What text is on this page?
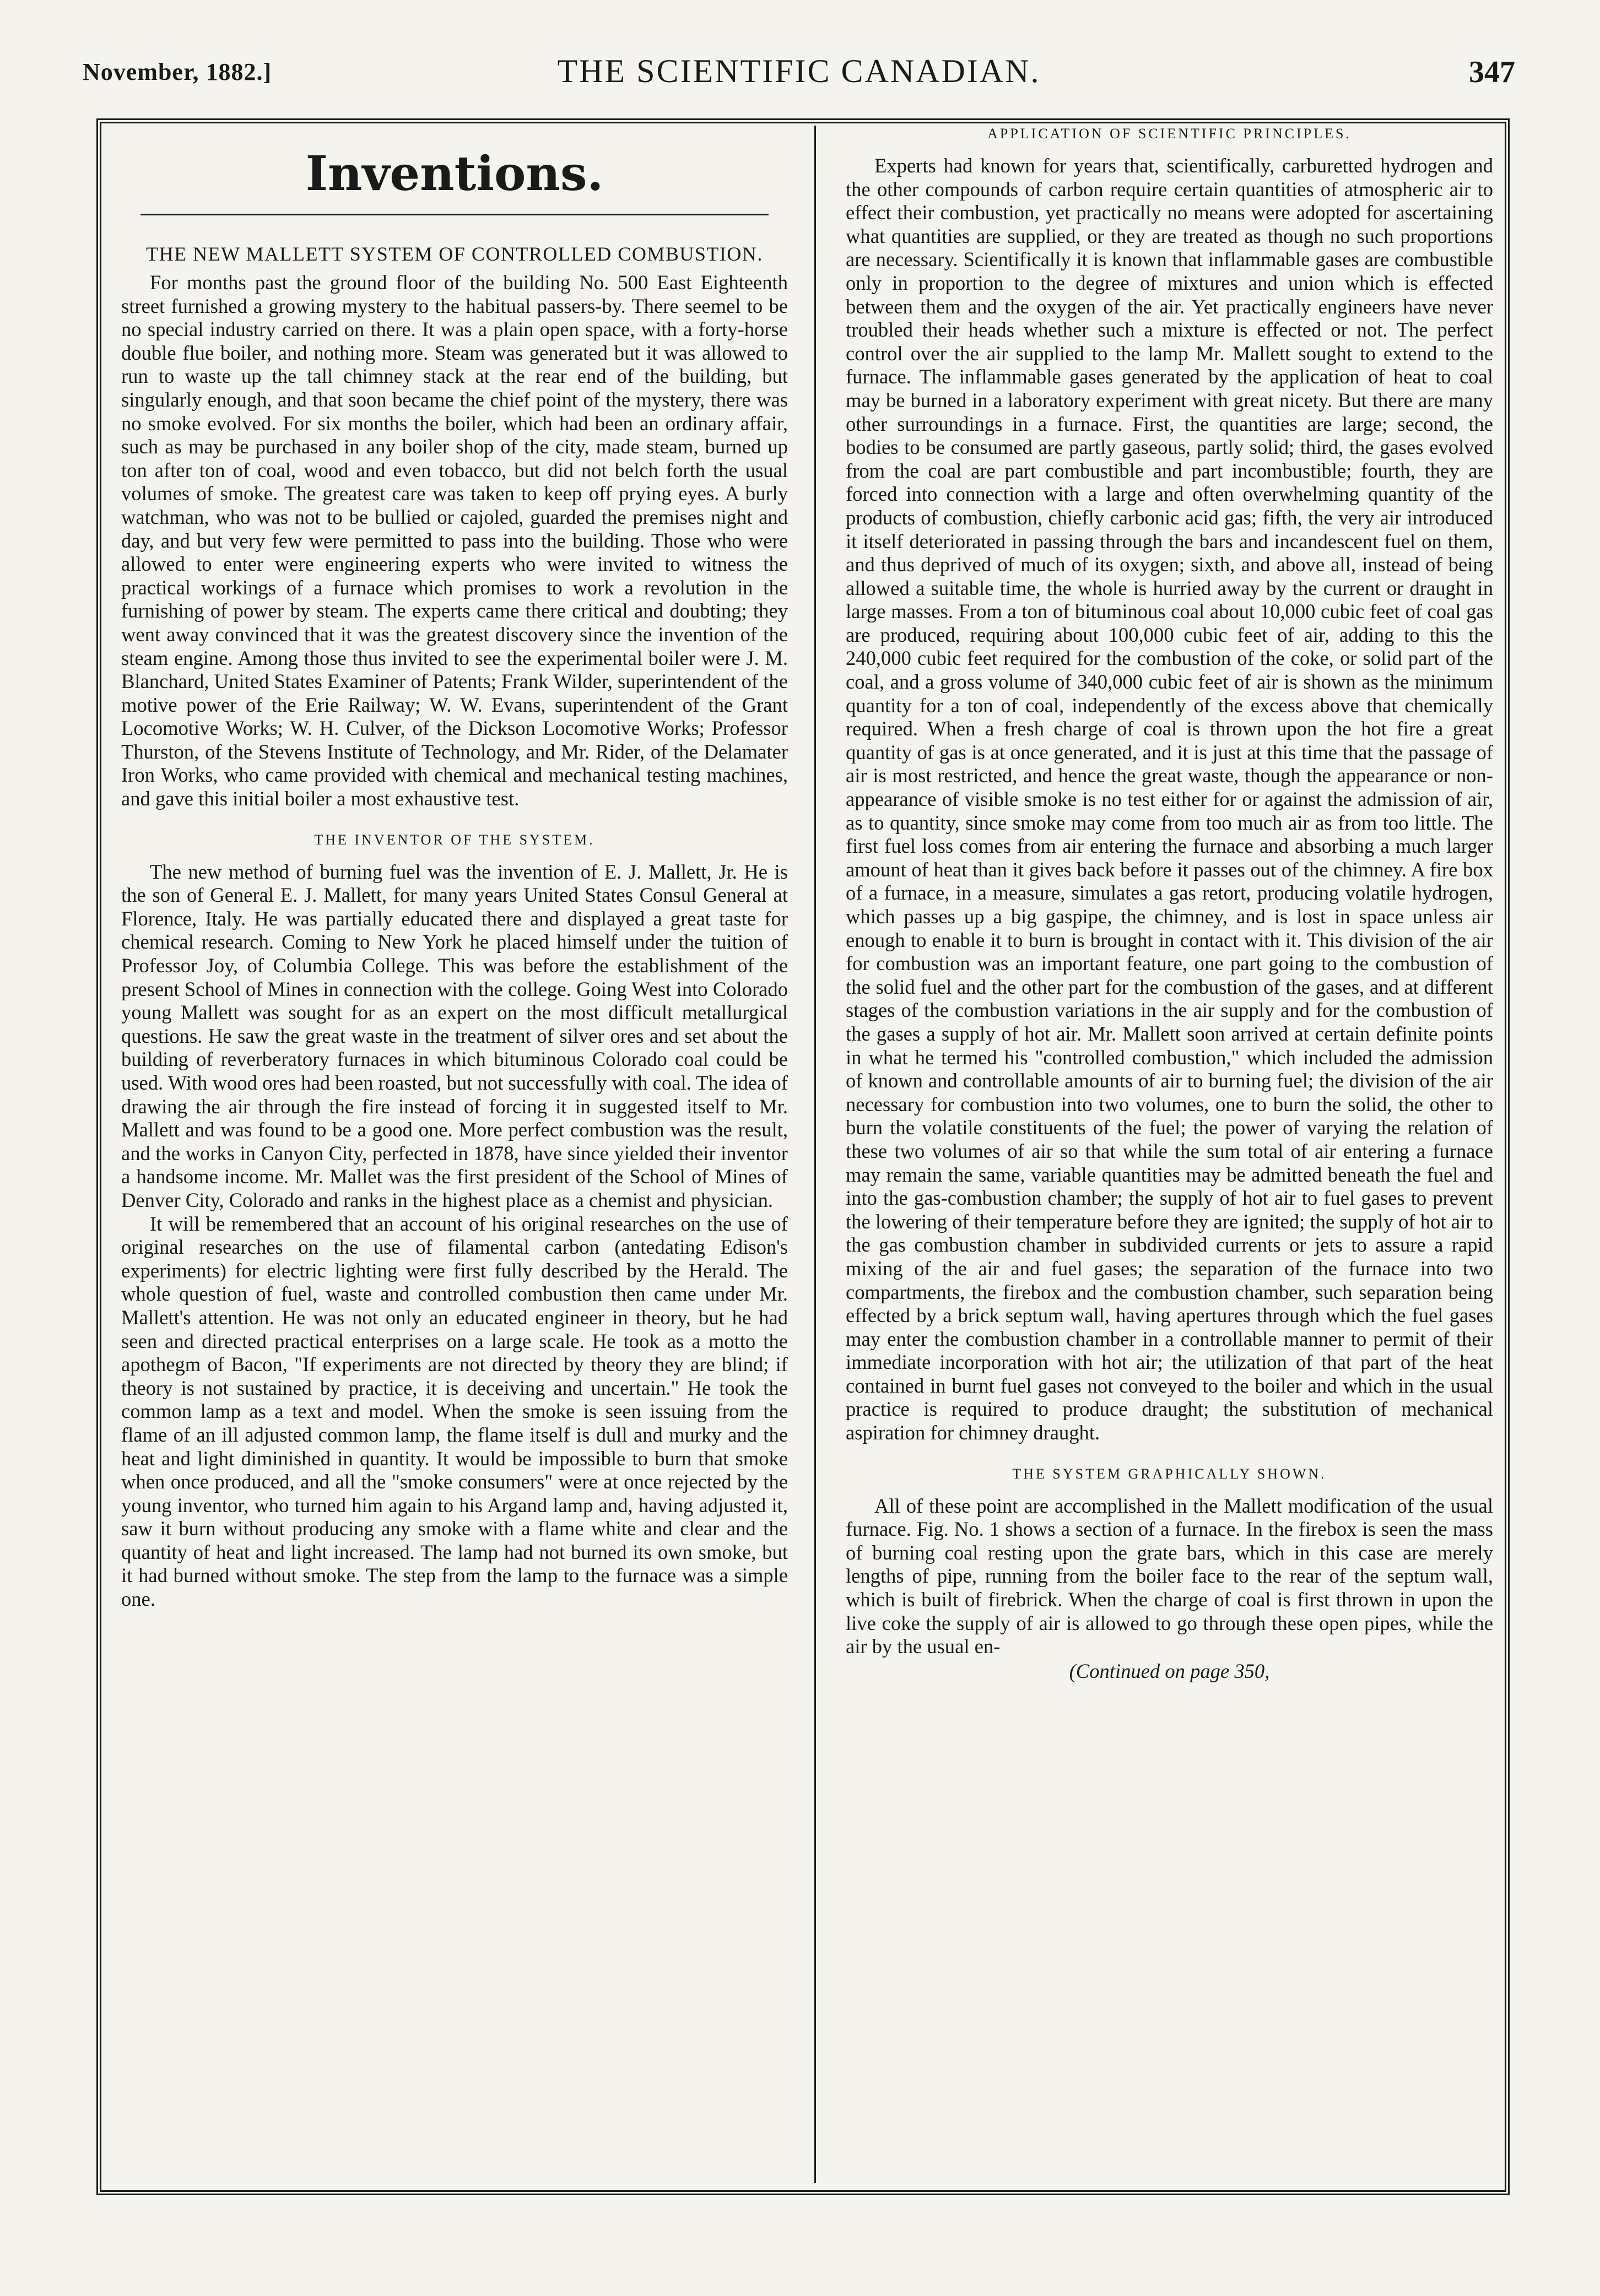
November, 1882.]	THE SCIENTIFIC CANADIAN.	347
Inventions.
THE NEW MALLETT SYSTEM OF CONTROLLED COMBUSTION.

For months past the ground floor of the building No. 500 East Eighteenth street furnished a growing mystery to the habitual passers-by. There seemel to be no special industry carried on there. It was a plain open space, with a forty-horse double flue boiler, and nothing more. Steam was generated but it was allowed to run to waste up the tall chimney stack at the rear end of the building, but singularly enough, and that soon became the chief point of the mystery, there was no smoke evolved. For six months the boiler, which had been an ordinary affair, such as may be purchased in any boiler shop of the city, made steam, burned up ton after ton of coal, wood and even tobacco, but did not belch forth the usual volumes of smoke. The greatest care was taken to keep off prying eyes. A burly watchman, who was not to be bullied or cajoled, guarded the premises night and day, and but very few were permitted to pass into the building. Those who were allowed to enter were engineering experts who were invited to witness the practical workings of a furnace which promises to work a revolution in the furnishing of power by steam. The experts came there critical and doubting; they went away convinced that it was the greatest discovery since the invention of the steam engine. Among those thus invited to see the experimental boiler were J. M. Blanchard, United States Examiner of Patents; Frank Wilder, superintendent of the motive power of the Erie Railway; W. W. Evans, superintendent of the Grant Locomotive Works; W. H. Culver, of the Dickson Locomotive Works; Professor Thurston, of the Stevens Institute of Technology, and Mr. Rider, of the Delamater Iron Works, who came provided with chemical and mechanical testing machines, and gave this initial boiler a most exhaustive test.

THE INVENTOR OF THE SYSTEM.

The new method of burning fuel was the invention of E. J. Mallett, Jr. He is the son of General E. J. Mallett, for many years United States Consul General at Florence, Italy. He was partially educated there and displayed a great taste for chemical research. Coming to New York he placed himself under the tuition of Professor Joy, of Columbia College. This was before the establishment of the present School of Mines in connection with the college. Going West into Colorado young Mallett was sought for as an expert on the most difficult metallurgical questions. He saw the great waste in the treatment of silver ores and set about the building of reverberatory furnaces in which bituminous Colorado coal could be used. With wood ores had been roasted, but not successfully with coal. The idea of drawing the air through the fire instead of forcing it in suggested itself to Mr. Mallett and was found to be a good one. More perfect combustion was the result, and the works in Canyon City, perfected in 1878, have since yielded their inventor a handsome income. Mr. Mallet was the first president of the School of Mines of Denver City, Colorado and ranks in the highest place as a chemist and physician.

It will be remembered that an account of his original researches on the use of original researches on the use of filamental carbon (antedating Edison's experiments) for electric lighting were first fully described by the Herald. The whole question of fuel, waste and controlled combustion then came under Mr. Mallett's attention. He was not only an educated engineer in theory, but he had seen and directed practical enterprises on a large scale. He took as a motto the apothegm of Bacon, "If experiments are not directed by theory they are blind; if theory is not sustained by practice, it is deceiving and uncertain." He took the common lamp as a text and model. When the smoke is seen issuing from the flame of an ill adjusted common lamp, the flame itself is dull and murky and the heat and light diminished in quantity. It would be impossible to burn that smoke when once produced, and all the "smoke consumers" were at once rejected by the young inventor, who turned him again to his Argand lamp and, having adjusted it, saw it burn without producing any smoke with a flame white and clear and the quantity of heat and light increased. The lamp had not burned its own smoke, but it had burned without smoke. The step from the lamp to the furnace was a simple one.

APPLICATION OF SCIENTIFIC PRINCIPLES.

Experts had known for years that, scientifically, carburetted hydrogen and the other compounds of carbon require certain quantities of atmospheric air to effect their combustion, yet practically no means were adopted for ascertaining what quantities are supplied, or they are treated as though no such proportions are necessary. Scientifically it is known that inflammable gases are combustible only in proportion to the degree of mixtures and union which is effected between them and the oxygen of the air. Yet practically engineers have never troubled their heads whether such a mixture is effected or not. The perfect control over the air supplied to the lamp Mr. Mallett sought to extend to the furnace. The inflammable gases generated by the application of heat to coal may be burned in a laboratory experiment with great nicety. But there are many other surroundings in a furnace. First, the quantities are large; second, the bodies to be consumed are partly gaseous, partly solid; third, the gases evolved from the coal are part combustible and part incombustible; fourth, they are forced into connection with a large and often overwhelming quantity of the products of combustion, chiefly carbonic acid gas; fifth, the very air introduced it itself deteriorated in passing through the bars and incandescent fuel on them, and thus deprived of much of its oxygen; sixth, and above all, instead of being allowed a suitable time, the whole is hurried away by the current or draught in large masses. From a ton of bituminous coal about 10,000 cubic feet of coal gas are produced, requiring about 100,000 cubic feet of air, adding to this the 240,000 cubic feet required for the combustion of the coke, or solid part of the coal, and a gross volume of 340,000 cubic feet of air is shown as the minimum quantity for a ton of coal, independently of the excess above that chemically required. When a fresh charge of coal is thrown upon the hot fire a great quantity of gas is at once generated, and it is just at this time that the passage of air is most restricted, and hence the great waste, though the appearance or non-appearance of visible smoke is no test either for or against the admission of air, as to quantity, since smoke may come from too much air as from too little. The first fuel loss comes from air entering the furnace and absorbing a much larger amount of heat than it gives back before it passes out of the chimney. A fire box of a furnace, in a measure, simulates a gas retort, producing volatile hydrogen, which passes up a big gaspipe, the chimney, and is lost in space unless air enough to enable it to burn is brought in contact with it. This division of the air for combustion was an important feature, one part going to the combustion of the solid fuel and the other part for the combustion of the gases, and at different stages of the combustion variations in the air supply and for the combustion of the gases a supply of hot air. Mr. Mallett soon arrived at certain definite points in what he termed his "controlled combustion," which included the admission of known and controllable amounts of air to burning fuel; the division of the air necessary for combustion into two volumes, one to burn the solid, the other to burn the volatile constituents of the fuel; the power of varying the relation of these two volumes of air so that while the sum total of air entering a furnace may remain the same, variable quantities may be admitted beneath the fuel and into the gas-combustion chamber; the supply of hot air to fuel gases to prevent the lowering of their temperature before they are ignited; the supply of hot air to the gas combustion chamber in subdivided currents or jets to assure a rapid mixing of the air and fuel gases; the separation of the furnace into two compartments, the firebox and the combustion chamber, such separation being effected by a brick septum wall, having apertures through which the fuel gases may enter the combustion chamber in a controllable manner to permit of their immediate incorporation with hot air; the utilization of that part of the heat contained in burnt fuel gases not conveyed to the boiler and which in the usual practice is required to produce draught; the substitution of mechanical aspiration for chimney draught.

THE SYSTEM GRAPHICALLY SHOWN.

All of these point are accomplished in the Mallett modification of the usual furnace. Fig. No. 1 shows a section of a furnace. In the firebox is seen the mass of burning coal resting upon the grate bars, which in this case are merely lengths of pipe, running from the boiler face to the rear of the septum wall, which is built of firebrick. When the charge of coal is first thrown in upon the live coke the supply of air is allowed to go through these open pipes, while the air by the usual en-

(Continued on page 350,
